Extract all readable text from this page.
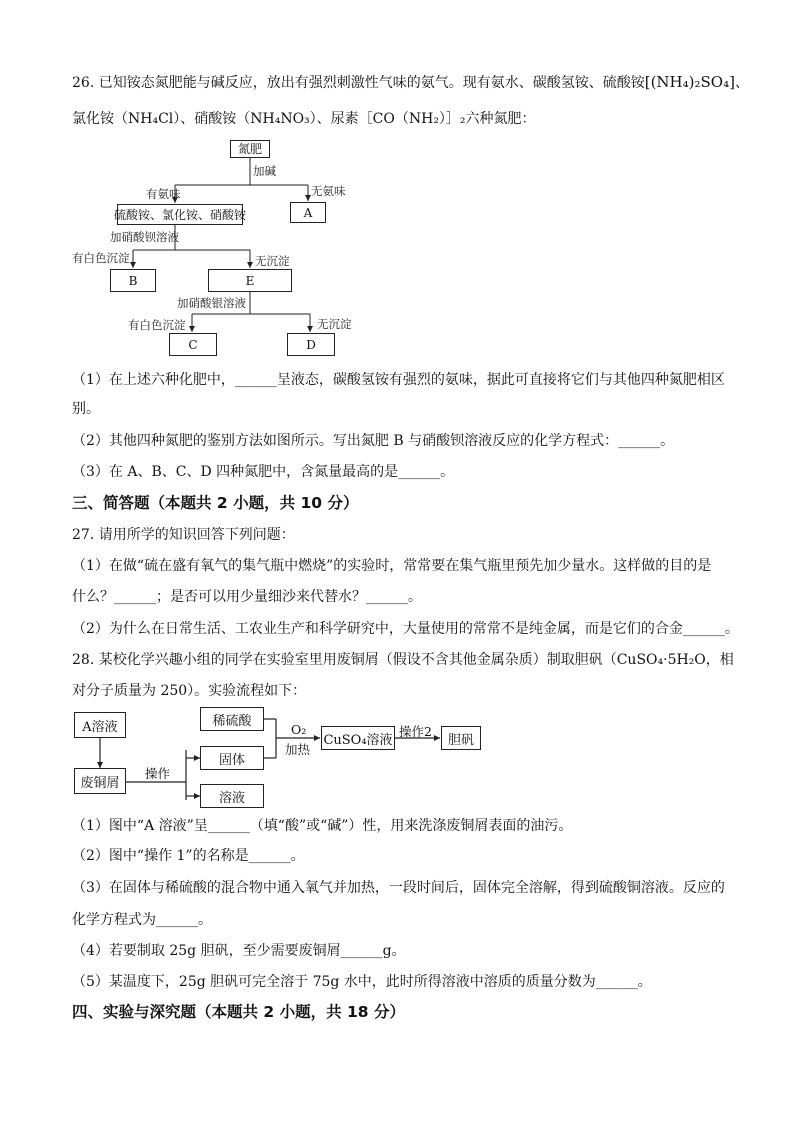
26. 已知铵态氮肥能与碱反应，放出有强烈刺激性气味的氨气。现有氨水、碳酸氢铵、硫酸铵[(NH₄)₂SO₄]、
氯化铵（NH₄Cl）、硝酸铵（NH₄NO₃）、尿素［CO（NH₂）］₂六种氮肥：
氮肥
加碱
有氨味	无氨味
硫酸铵、氯化铵、硝酸铵	A
加硝酸钡溶液
有白色沉淀	无沉淀
B	E
加硝酸银溶液
有白色沉淀	无沉淀
C	D
（1）在上述六种化肥中，______呈液态，碳酸氢铵有强烈的氨味，据此可直接将它们与其他四种氮肥相区
别。
（2）其他四种氮肥的鉴别方法如图所示。写出氮肥 B 与硝酸钡溶液反应的化学方程式：______。
（3）在 A、B、C、D 四种氮肥中，含氮量最高的是______。
三、简答题（本题共 2 小题，共 10 分）
27. 请用所学的知识回答下列问题：
（1）在做“硫在盛有氧气的集气瓶中燃烧”的实验时，常常要在集气瓶里预先加少量水。这样做的目的是
什么？______；是否可以用少量细沙来代替水？______。
（2）为什么在日常生活、工农业生产和科学研究中，大量使用的常常不是纯金属，而是它们的合金______。
28. 某校化学兴趣小组的同学在实验室里用废铜屑（假设不含其他金属杂质）制取胆矾（CuSO₄·5H₂O，相
对分子质量为 250）。实验流程如下：
A溶液
废铜屑
操作
稀硫酸
固体
溶液
O₂
加热
CuSO₄溶液
操作2
胆矾
（1）图中“A 溶液”呈______（填“酸”或“碱”）性，用来洗涤废铜屑表面的油污。
（2）图中“操作 1”的名称是______。
（3）在固体与稀硫酸的混合物中通入氧气并加热，一段时间后，固体完全溶解，得到硫酸铜溶液。反应的
化学方程式为______。
（4）若要制取 25g 胆矾，至少需要废铜屑______g。
（5）某温度下，25g 胆矾可完全溶于 75g 水中，此时所得溶液中溶质的质量分数为______。
四、实验与深究题（本题共 2 小题，共 18 分）
